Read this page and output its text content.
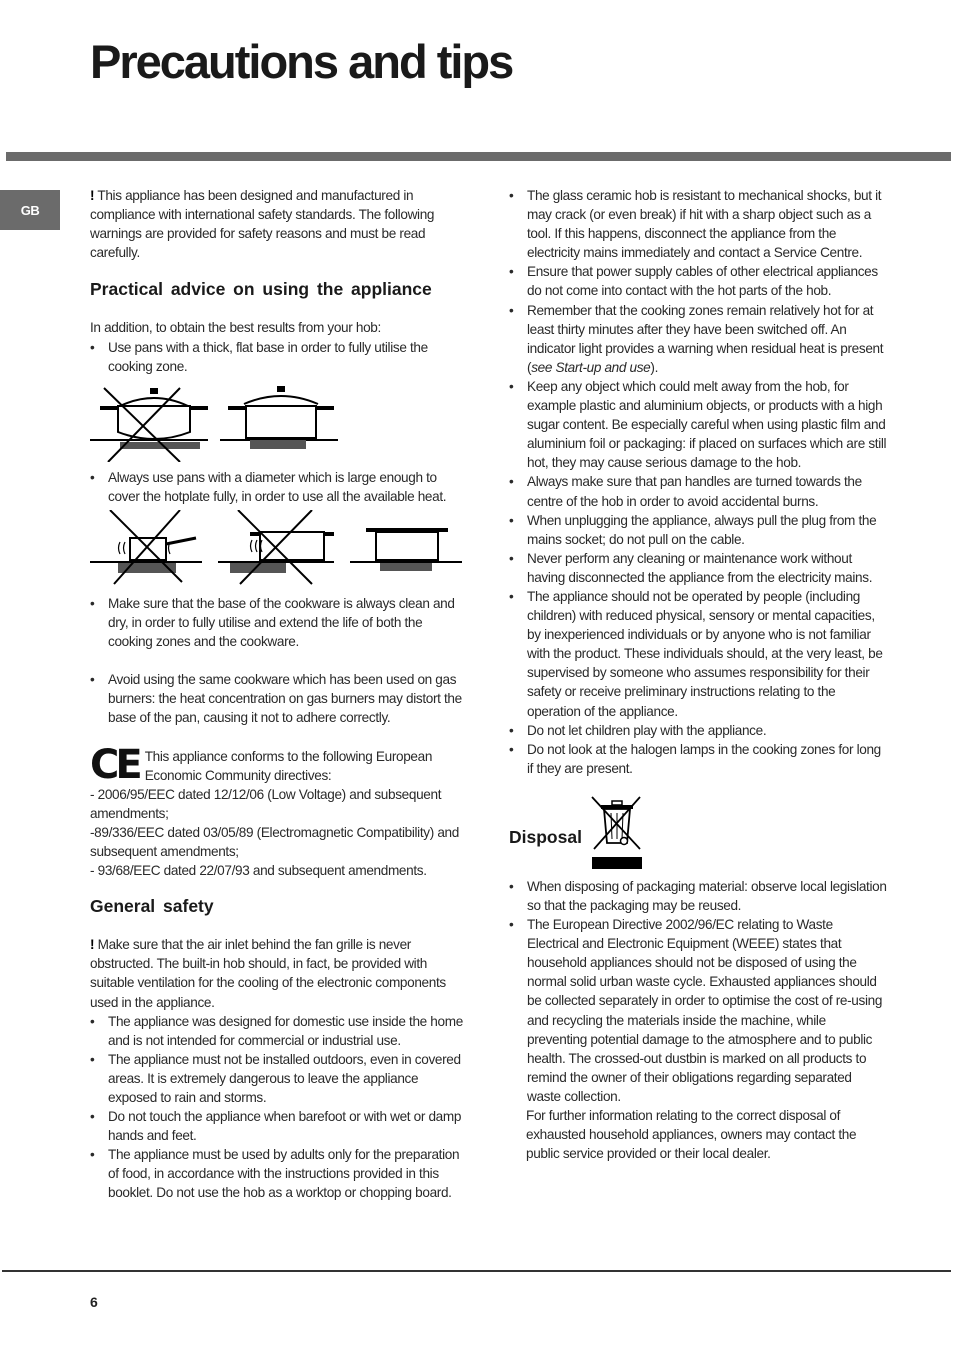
Precautions and tips
GB

! This appliance has been designed and manufactured in compliance with international safety standards. The following warnings are provided for safety reasons and must be read carefully.

Practical advice on using the appliance

In addition, to obtain the best results from your hob:

• Use pans with a thick, flat base in order to fully utilise the cooking zone.
• Always use pans with a diameter which is large enough to cover the hotplate fully, in order to use all the available heat.
• Make sure that the base of the cookware is always clean and dry, in order to fully utilise and extend the life of both the cooking zones and the cookware.
• Avoid using the same cookware which has been used on gas burners: the heat concentration on gas burners may distort the base of the pan, causing it not to adhere correctly.
CE This appliance conforms to the following European Economic Community directives:

- 2006/95/EEC dated 12/12/06 (Low Voltage) and subsequent amendments;

-89/336/EEC dated 03/05/89 (Electromagnetic Compatibility) and subsequent amendments;

- 93/68/EEC dated 22/07/93 and subsequent amendments.

General safety

! Make sure that the air inlet behind the fan grille is never obstructed. The built-in hob should, in fact, be provided with suitable ventilation for the cooling of the electronic components used in the appliance.

• The appliance was designed for domestic use inside the home and is not intended for commercial or industrial use.
• The appliance must not be installed outdoors, even in covered areas. It is extremely dangerous to leave the appliance exposed to rain and storms.
• Do not touch the appliance when barefoot or with wet or damp hands and feet.
• The appliance must be used by adults only for the preparation of food, in accordance with the instructions provided in this booklet. Do not use the hob as a worktop or chopping board.
• The glass ceramic hob is resistant to mechanical shocks, but it may crack (or even break) if hit with a sharp object such as a tool. If this happens, disconnect the appliance from the electricity mains immediately and contact a Service Centre.
• Ensure that power supply cables of other electrical appliances do not come into contact with the hot parts of the hob.
• Remember that the cooking zones remain relatively hot for at least thirty minutes after they have been switched off. An indicator light provides a warning when residual heat is present (see Start-up and use).
• Keep any object which could melt away from the hob, for example plastic and aluminium objects, or products with a high sugar content. Be especially careful when using plastic film and aluminium foil or packaging: if placed on surfaces which are still hot, they may cause serious damage to the hob.
• Always make sure that pan handles are turned towards the centre of the hob in order to avoid accidental burns.
• When unplugging the appliance, always pull the plug from the mains socket; do not pull on the cable.
• Never perform any cleaning or maintenance work without having disconnected the appliance from the electricity mains.
• The appliance should not be operated by people (including children) with reduced physical, sensory or mental capacities, by inexperienced individuals or by anyone who is not familiar with the product. These individuals should, at the very least, be supervised by someone who assumes responsibility for their safety or receive preliminary instructions relating to the operation of the appliance.
• Do not let children play with the appliance.
• Do not look at the halogen lamps in the cooking zones for long if they are present.
Disposal
• When disposing of packaging material: observe local legislation so that the packaging may be reused.
• The European Directive 2002/96/EC relating to Waste Electrical and Electronic Equipment (WEEE) states that household appliances should not be disposed of using the normal solid urban waste cycle. Exhausted appliances should be collected separately in order to optimise the cost of re-using and recycling the materials inside the machine, while preventing potential damage to the atmosphere and to public health. The crossed-out dustbin is marked on all products to remind the owner of their obligations regarding separated waste collection.

For further information relating to the correct disposal of exhausted household appliances, owners may contact the public service provided or their local dealer.

6
